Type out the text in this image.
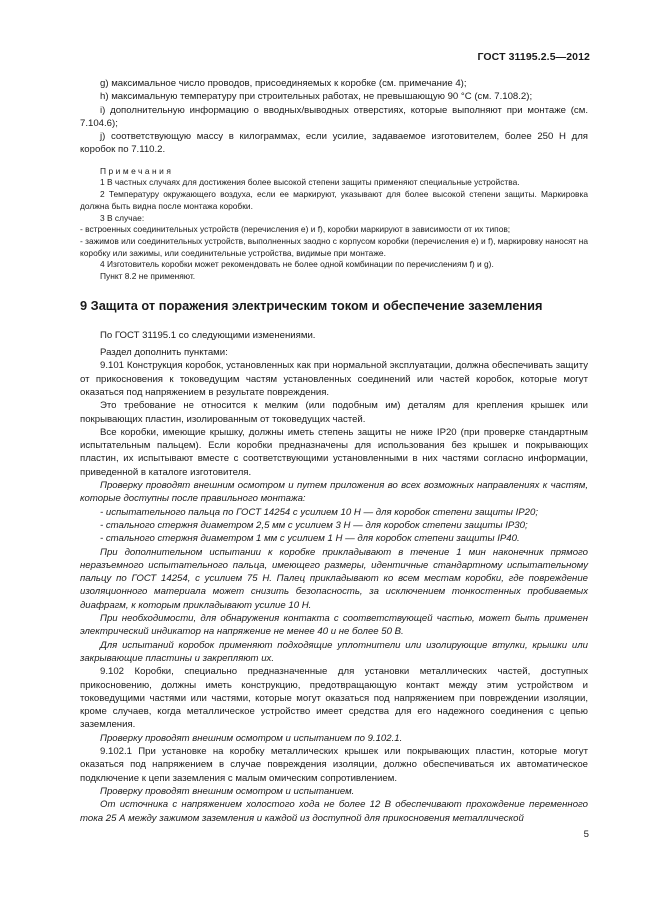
ГОСТ 31195.2.5—2012

g) максимальное число проводов, присоединяемых к коробке (см. примечание 4);

h) максимальную температуру при строительных работах, не превышающую 90 °C (см. 7.108.2);

i) дополнительную информацию о вводных/выводных отверстиях, которые выполняют при монтаже (см. 7.104.6);

j) соответствующую массу в килограммах, если усилие, задаваемое изготовителем, более 250 Н для коробок по 7.110.2.

Примечания

1 В частных случаях для достижения более высокой степени защиты применяют специальные устройства.

2 Температуру окружающего воздуха, если ее маркируют, указывают для более высокой степени защиты. Маркировка должна быть видна после монтажа коробки.

3 В случае:

- встроенных соединительных устройств (перечисления е) и f), коробки маркируют в зависимости от их типов;

- зажимов или соединительных устройств, выполненных заодно с корпусом коробки (перечисления е) и f), маркировку наносят на коробку или зажимы, или соединительные устройства, видимые при монтаже.

4 Изготовитель коробки может рекомендовать не более одной комбинации по перечислениям f) и g).

Пункт 8.2 не применяют.

9 Защита от поражения электрическим током и обеспечение заземления

По ГОСТ 31195.1 со следующими изменениями.

Раздел дополнить пунктами:

9.101 Конструкция коробок, установленных как при нормальной эксплуатации, должна обеспечивать защиту от прикосновения к токоведущим частям установленных соединений или частей коробок, которые могут оказаться под напряжением в результате повреждения.

Это требование не относится к мелким (или подобным им) деталям для крепления крышек или покрывающих пластин, изолированным от токоведущих частей.

Все коробки, имеющие крышку, должны иметь степень защиты не ниже IP20 (при проверке стандартным испытательным пальцем). Если коробки предназначены для использования без крышек и покрывающих пластин, их испытывают вместе с соответствующими установленными в них частями согласно информации, приведенной в каталоге изготовителя.

Проверку проводят внешним осмотром и путем приложения во всех возможных направлениях к частям, которые доступны после правильного монтажа:

- испытательного пальца по ГОСТ 14254 с усилием 10 Н — для коробок степени защиты IP20;

- стального стержня диаметром 2,5 мм с усилием 3 Н — для коробок степени защиты IP30;

- стального стержня диаметром 1 мм с усилием 1 Н — для коробок степени защиты IP40.

При дополнительном испытании к коробке прикладывают в течение 1 мин наконечник прямого неразъемного испытательного пальца, имеющего размеры, идентичные стандартному испытательному пальцу по ГОСТ 14254, с усилием 75 Н. Палец прикладывают ко всем местам коробки, где повреждение изоляционного материала может снизить безопасность, за исключением тонкостенных пробиваемых диафрагм, к которым прикладывают усилие 10 Н.

При необходимости, для обнаружения контакта с соответствующей частью, может быть применен электрический индикатор на напряжение не менее 40 и не более 50 В.

Для испытаний коробок применяют подходящие уплотнители или изолирующие втулки, крышки или закрывающие пластины и закрепляют их.

9.102 Коробки, специально предназначенные для установки металлических частей, доступных прикосновению, должны иметь конструкцию, предотвращающую контакт между этим устройством и токоведущими частями или частями, которые могут оказаться под напряжением при повреждении изоляции, кроме случаев, когда металлическое устройство имеет средства для его надежного соединения с цепью заземления.

Проверку проводят внешним осмотром и испытанием по 9.102.1.

9.102.1 При установке на коробку металлических крышек или покрывающих пластин, которые могут оказаться под напряжением в случае повреждения изоляции, должно обеспечиваться их автоматическое подключение к цепи заземления с малым омическим сопротивлением.

Проверку проводят внешним осмотром и испытанием.

От источника с напряжением холостого хода не более 12 В обеспечивают прохождение переменного тока 25 А между зажимом заземления и каждой из доступной для прикосновения металлической

5
